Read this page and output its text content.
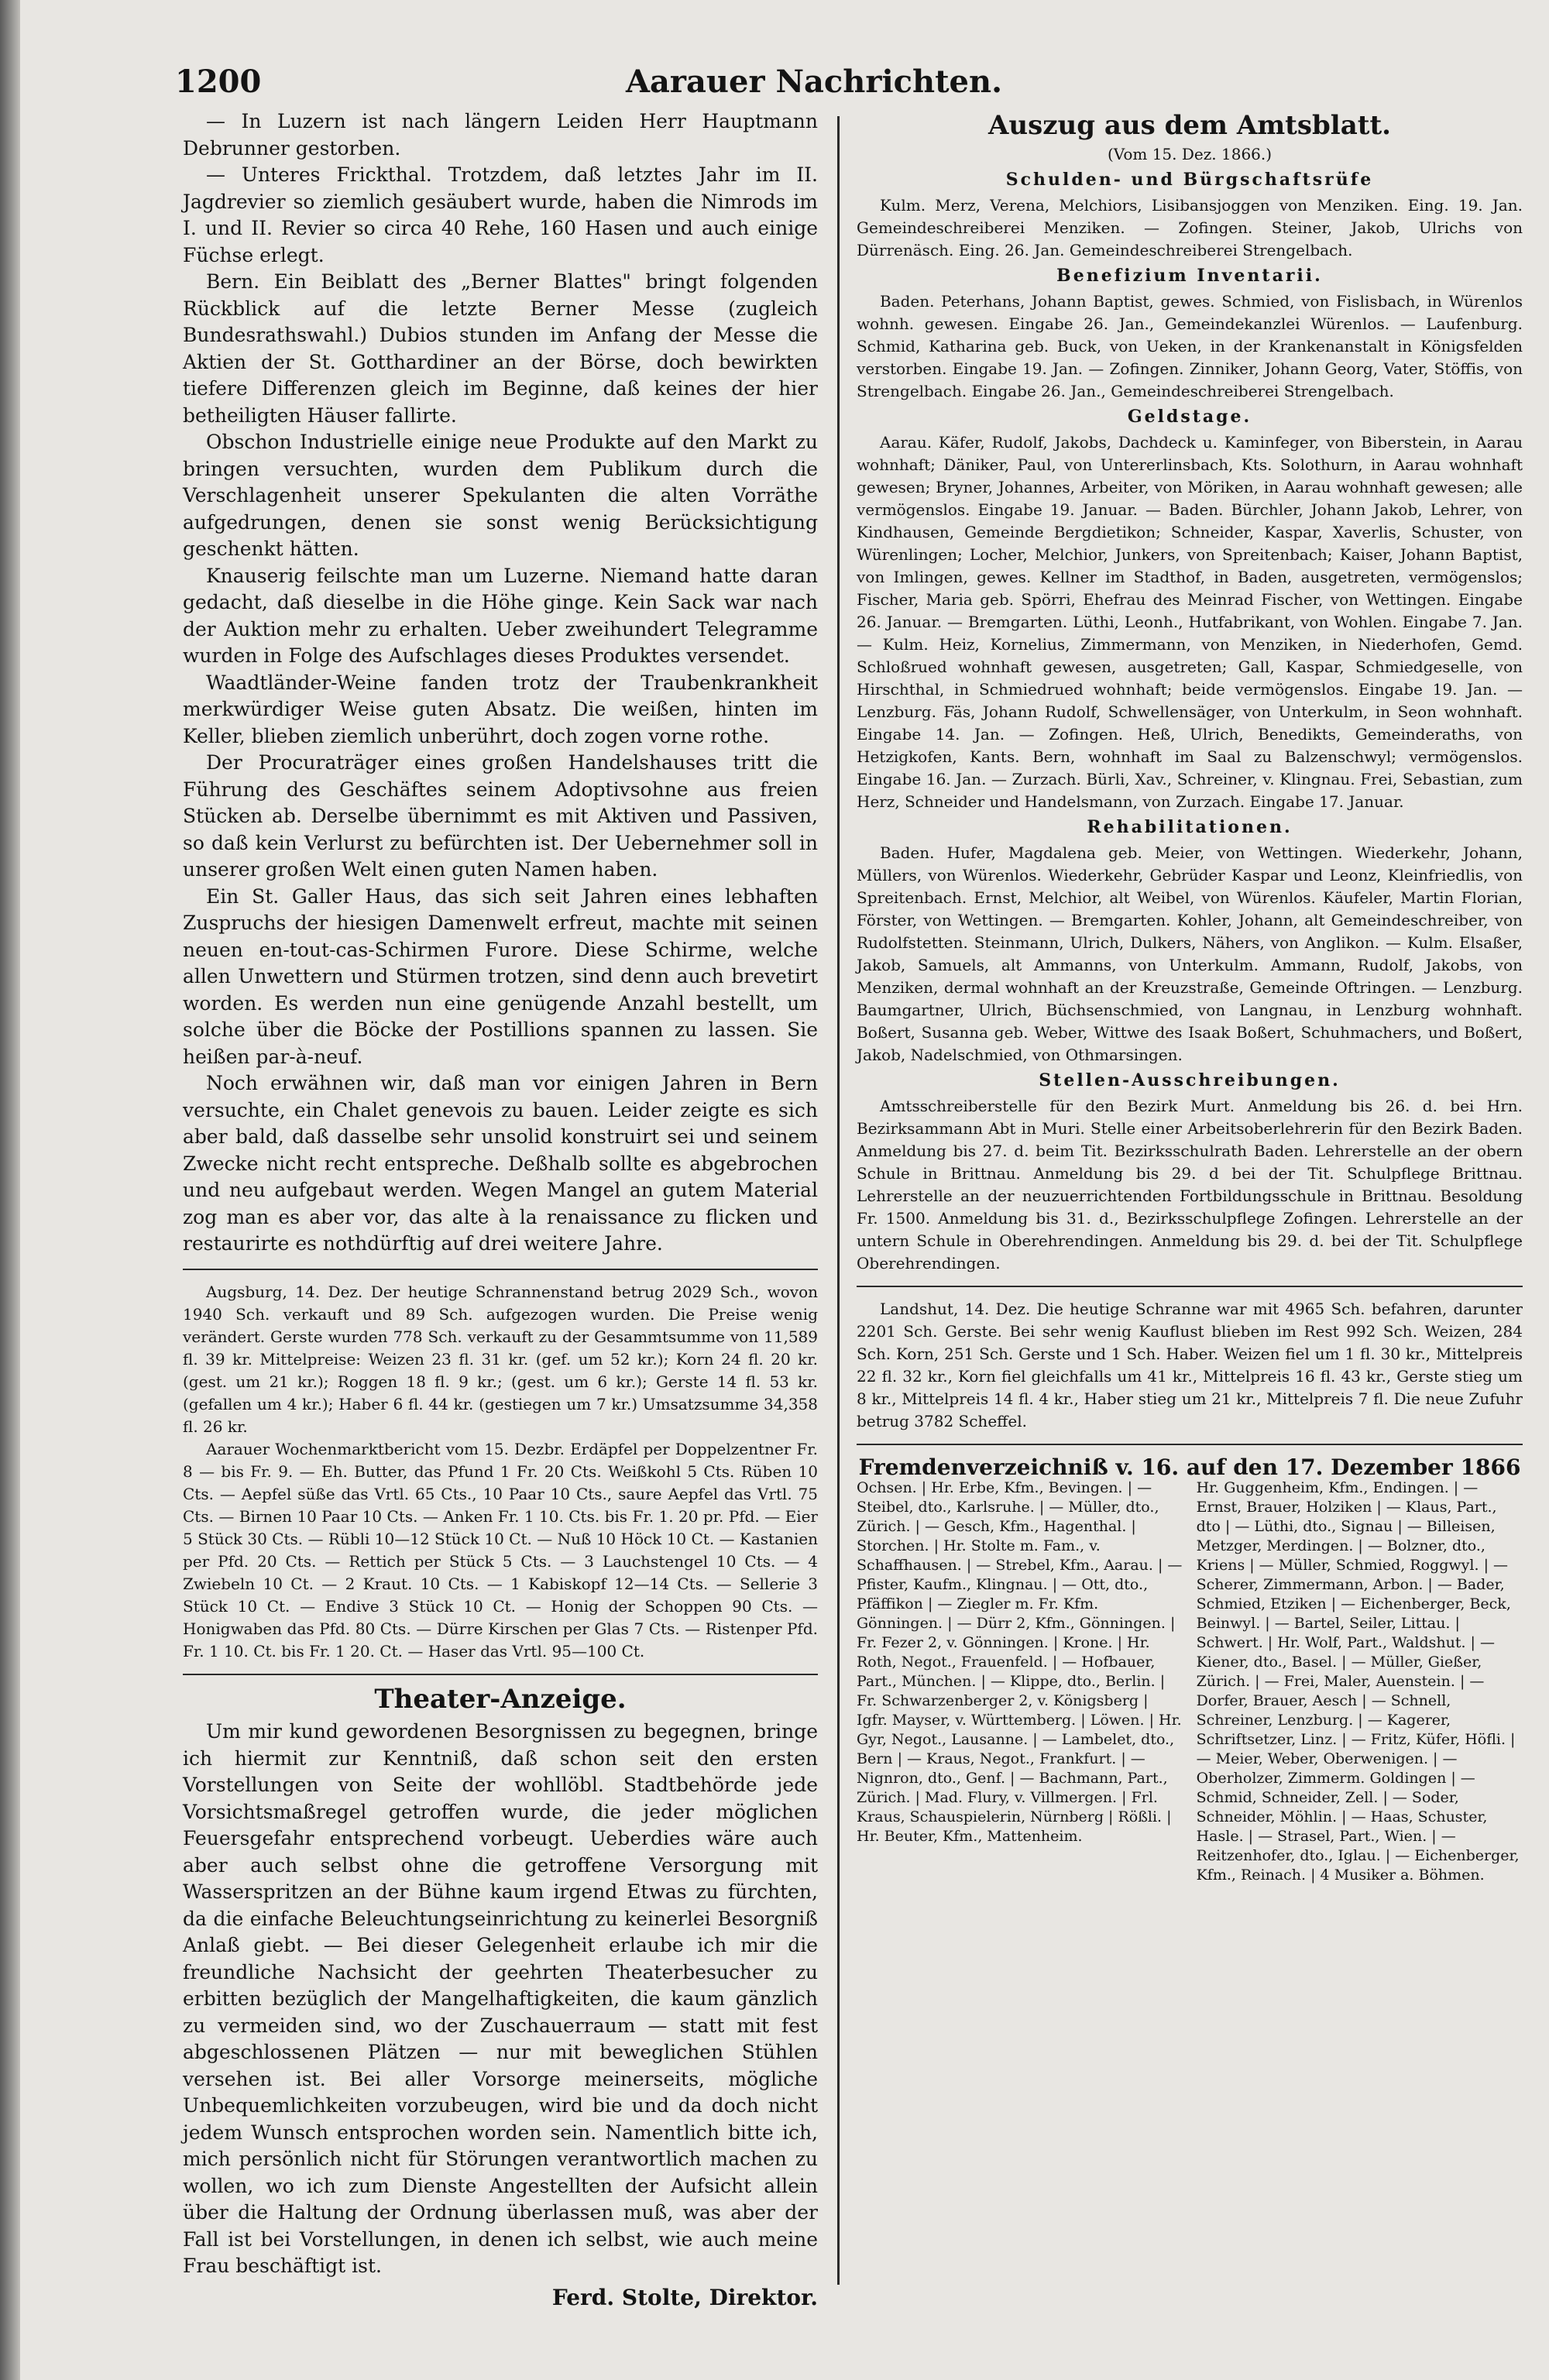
1200	Aarauer Nachrichten.

— In Luzern ist nach längern Leiden Herr Hauptmann Debrunner gestorben.

— Unteres Frickthal. Trotzdem, daß letztes Jahr im II. Jagdrevier so ziemlich gesäubert wurde, haben die Nimrods im I. und II. Revier so circa 40 Rehe, 160 Hasen und auch einige Füchse erlegt.

Bern. Ein Beiblatt des „Berner Blattes" bringt folgenden Rückblick auf die letzte Berner Messe (zugleich Bundesrathswahl.) Dubios stunden im Anfang der Messe die Aktien der St. Gotthardiner an der Börse, doch bewirkten tiefere Differenzen gleich im Beginne, daß keines der hier betheiligten Häuser fallirte.

Obschon Industrielle einige neue Produkte auf den Markt zu bringen versuchten, wurden dem Publikum durch die Verschlagenheit unserer Spekulanten die alten Vorräthe aufgedrungen, denen sie sonst wenig Berücksichtigung geschenkt hätten.

Knauserig feilschte man um Luzerne. Niemand hatte daran gedacht, daß dieselbe in die Höhe ginge. Kein Sack war nach der Auktion mehr zu erhalten. Ueber zweihundert Telegramme wurden in Folge des Aufschlages dieses Produktes versendet.

Waadtländer-Weine fanden trotz der Traubenkrankheit merkwürdiger Weise guten Absatz. Die weißen, hinten im Keller, blieben ziemlich unberührt, doch zogen vorne rothe.

Der Procuraträger eines großen Handelshauses tritt die Führung des Geschäftes seinem Adoptivsohne aus freien Stücken ab. Derselbe übernimmt es mit Aktiven und Passiven, so daß kein Verlurst zu befürchten ist. Der Uebernehmer soll in unserer großen Welt einen guten Namen haben.

Ein St. Galler Haus, das sich seit Jahren eines lebhaften Zuspruchs der hiesigen Damenwelt erfreut, machte mit seinen neuen en-tout-cas-Schirmen Furore. Diese Schirme, welche allen Unwettern und Stürmen trotzen, sind denn auch brevetirt worden. Es werden nun eine genügende Anzahl bestellt, um solche über die Böcke der Postillions spannen zu lassen. Sie heißen par-à-neuf.

Noch erwähnen wir, daß man vor einigen Jahren in Bern versuchte, ein Chalet genevois zu bauen. Leider zeigte es sich aber bald, daß dasselbe sehr unsolid konstruirt sei und seinem Zwecke nicht recht entspreche. Deßhalb sollte es abgebrochen und neu aufgebaut werden. Wegen Mangel an gutem Material zog man es aber vor, das alte à la renaissance zu flicken und restaurirte es nothdürftig auf drei weitere Jahre.

Augsburg, 14. Dez. Der heutige Schrannenstand betrug 2029 Sch., wovon 1940 Sch. verkauft und 89 Sch. aufgezogen wurden. Die Preise wenig verändert. Gerste wurden 778 Sch. verkauft zu der Gesammtsumme von 11,589 fl. 39 kr. Mittelpreise: Weizen 23 fl. 31 kr. (gef. um 52 kr.); Korn 24 fl. 20 kr. (gest. um 21 kr.); Roggen 18 fl. 9 kr.; (gest. um 6 kr.); Gerste 14 fl. 53 kr. (gefallen um 4 kr.); Haber 6 fl. 44 kr. (gestiegen um 7 kr.) Umsatzsumme 34,358 fl. 26 kr.

Aarauer Wochenmarktbericht vom 15. Dezbr. Erdäpfel per Doppelzentner Fr. 8 — bis Fr. 9. — Eh. Butter, das Pfund 1 Fr. 20 Cts. Weißkohl 5 Cts. Rüben 10 Cts. — Aepfel süße das Vrtl. 65 Cts., 10 Paar 10 Cts., saure Aepfel das Vrtl. 75 Cts. — Birnen 10 Paar 10 Cts. — Anken Fr. 1 10. Cts. bis Fr. 1. 20 pr. Pfd. — Eier 5 Stück 30 Cts. — Rübli 10—12 Stück 10 Ct. — Nuß 10 Höck 10 Ct. — Kastanien per Pfd. 20 Cts. — Rettich per Stück 5 Cts. — 3 Lauchstengel 10 Cts. — 4 Zwiebeln 10 Ct. — 2 Kraut. 10 Cts. — 1 Kabiskopf 12—14 Cts. — Sellerie 3 Stück 10 Ct. — Endive 3 Stück 10 Ct. — Honig der Schoppen 90 Cts. — Honigwaben das Pfd. 80 Cts. — Dürre Kirschen per Glas 7 Cts. — Ristenper Pfd. Fr. 1 10. Ct. bis Fr. 1 20. Ct. — Haser das Vrtl. 95—100 Ct.

Theater-Anzeige.

Um mir kund gewordenen Besorgnissen zu begegnen, bringe ich hiermit zur Kenntniß, daß schon seit den ersten Vorstellungen von Seite der wohllöbl. Stadtbehörde jede Vorsichtsmaßregel getroffen wurde, die jeder möglichen Feuersgefahr entsprechend vorbeugt. Ueberdies wäre auch aber auch selbst ohne die getroffene Versorgung mit Wasserspritzen an der Bühne kaum irgend Etwas zu fürchten, da die einfache Beleuchtungseinrichtung zu keinerlei Besorgniß Anlaß giebt. — Bei dieser Gelegenheit erlaube ich mir die freundliche Nachsicht der geehrten Theaterbesucher zu erbitten bezüglich der Mangelhaftigkeiten, die kaum gänzlich zu vermeiden sind, wo der Zuschauerraum — statt mit fest abgeschlossenen Plätzen — nur mit beweglichen Stühlen versehen ist. Bei aller Vorsorge meinerseits, mögliche Unbequemlichkeiten vorzubeugen, wird bie und da doch nicht jedem Wunsch entsprochen worden sein. Namentlich bitte ich, mich persönlich nicht für Störungen verantwortlich machen zu wollen, wo ich zum Dienste Angestellten der Aufsicht allein über die Haltung der Ordnung überlassen muß, was aber der Fall ist bei Vorstellungen, in denen ich selbst, wie auch meine Frau beschäftigt ist.

Ferd. Stolte, Direktor.
Auszug aus dem Amtsblatt.
(Vom 15. Dez. 1866.)
Schulden- und Bürgschaftsrüfe

Kulm. Merz, Verena, Melchiors, Lisibansjoggen von Menziken. Eing. 19. Jan. Gemeindeschreiberei Menziken. — Zofingen. Steiner, Jakob, Ulrichs von Dürrenäsch. Eing. 26. Jan. Gemeindeschreiberei Strengelbach.

Benefizium Inventarii.

Baden. Peterhans, Johann Baptist, gewes. Schmied, von Fislisbach, in Würenlos wohnh. gewesen. Eingabe 26. Jan., Gemeindekanzlei Würenlos. — Laufenburg. Schmid, Katharina geb. Buck, von Ueken, in der Krankenanstalt in Königsfelden verstorben. Eingabe 19. Jan. — Zofingen. Zinniker, Johann Georg, Vater, Stöffis, von Strengelbach. Eingabe 26. Jan., Gemeindeschreiberei Strengelbach.

Geldstage.

Aarau. Käfer, Rudolf, Jakobs, Dachdeck u. Kaminfeger, von Biberstein, in Aarau wohnhaft; Däniker, Paul, von Untererlinsbach, Kts. Solothurn, in Aarau wohnhaft gewesen; Bryner, Johannes, Arbeiter, von Möriken, in Aarau wohnhaft gewesen; alle vermögenslos. Eingabe 19. Januar. — Baden. Bürchler, Johann Jakob, Lehrer, von Kindhausen, Gemeinde Bergdietikon; Schneider, Kaspar, Xaverlis, Schuster, von Würenlingen; Locher, Melchior, Junkers, von Spreitenbach; Kaiser, Johann Baptist, von Imlingen, gewes. Kellner im Stadthof, in Baden, ausgetreten, vermögenslos; Fischer, Maria geb. Spörri, Ehefrau des Meinrad Fischer, von Wettingen. Eingabe 26. Januar. — Bremgarten. Lüthi, Leonh., Hutfabrikant, von Wohlen. Eingabe 7. Jan. — Kulm. Heiz, Kornelius, Zimmermann, von Menziken, in Niederhofen, Gemd. Schloßrued wohnhaft gewesen, ausgetreten; Gall, Kaspar, Schmiedgeselle, von Hirschthal, in Schmiedrued wohnhaft; beide vermögenslos. Eingabe 19. Jan. — Lenzburg. Fäs, Johann Rudolf, Schwellensäger, von Unterkulm, in Seon wohnhaft. Eingabe 14. Jan. — Zofingen. Heß, Ulrich, Benedikts, Gemeinderaths, von Hetzigkofen, Kants. Bern, wohnhaft im Saal zu Balzenschwyl; vermögenslos. Eingabe 16. Jan. — Zurzach. Bürli, Xav., Schreiner, v. Klingnau. Frei, Sebastian, zum Herz, Schneider und Handelsmann, von Zurzach. Eingabe 17. Januar.

Rehabilitationen.

Baden. Hufer, Magdalena geb. Meier, von Wettingen. Wiederkehr, Johann, Müllers, von Würenlos. Wiederkehr, Gebrüder Kaspar und Leonz, Kleinfriedlis, von Spreitenbach. Ernst, Melchior, alt Weibel, von Würenlos. Käufeler, Martin Florian, Förster, von Wettingen. — Bremgarten. Kohler, Johann, alt Gemeindeschreiber, von Rudolfstetten. Steinmann, Ulrich, Dulkers, Nähers, von Anglikon. — Kulm. Elsaßer, Jakob, Samuels, alt Ammanns, von Unterkulm. Ammann, Rudolf, Jakobs, von Menziken, dermal wohnhaft an der Kreuzstraße, Gemeinde Oftringen. — Lenzburg. Baumgartner, Ulrich, Büchsenschmied, von Langnau, in Lenzburg wohnhaft. Boßert, Susanna geb. Weber, Wittwe des Isaak Boßert, Schuhmachers, und Boßert, Jakob, Nadelschmied, von Othmarsingen.

Stellen-Ausschreibungen.

Amtsschreiberstelle für den Bezirk Murt. Anmeldung bis 26. d. bei Hrn. Bezirksammann Abt in Muri. Stelle einer Arbeitsoberlehrerin für den Bezirk Baden. Anmeldung bis 27. d. beim Tit. Bezirksschulrath Baden. Lehrerstelle an der obern Schule in Brittnau. Anmeldung bis 29. d bei der Tit. Schulpflege Brittnau. Lehrerstelle an der neuzuerrichtenden Fortbildungsschule in Brittnau. Besoldung Fr. 1500. Anmeldung bis 31. d., Bezirksschulpflege Zofingen. Lehrerstelle an der untern Schule in Oberehrendingen. Anmeldung bis 29. d. bei der Tit. Schulpflege Oberehrendingen.

Landshut, 14. Dez. Die heutige Schranne war mit 4965 Sch. befahren, darunter 2201 Sch. Gerste. Bei sehr wenig Kauflust blieben im Rest 992 Sch. Weizen, 284 Sch. Korn, 251 Sch. Gerste und 1 Sch. Haber. Weizen fiel um 1 fl. 30 kr., Mittelpreis 22 fl. 32 kr., Korn fiel gleichfalls um 41 kr., Mittelpreis 16 fl. 43 kr., Gerste stieg um 8 kr., Mittelpreis 14 fl. 4 kr., Haber stieg um 21 kr., Mittelpreis 7 fl. Die neue Zufuhr betrug 3782 Scheffel.

Fremdenverzeichniß v. 16. auf den 17. Dezember 1866
Ochsen. | Hr. Erbe, Kfm., Bevingen. | — Steibel, dto., Karlsruhe. | — Müller, dto., Zürich. | — Gesch, Kfm., Hagenthal. | Storchen. | Hr. Stolte m. Fam., v. Schaffhausen. | — Strebel, Kfm., Aarau. | — Pfister, Kaufm., Klingnau. | — Ott, dto., Pfäffikon | — Ziegler m. Fr. Kfm. Gönningen. | — Dürr 2, Kfm., Gönningen. | Fr. Fezer 2, v. Gönningen. | Krone. | Hr. Roth, Negot., Frauenfeld. | — Hofbauer, Part., München. | — Klippe, dto., Berlin. | Fr. Schwarzenberger 2, v. Königsberg | Igfr. Mayser, v. Württemberg. | Löwen. | Hr. Gyr, Negot., Lausanne. | — Lambelet, dto., Bern | — Kraus, Negot., Frankfurt. | — Nignron, dto., Genf. | — Bachmann, Part., Zürich. | Mad. Flury, v. Villmergen. | Frl. Kraus, Schauspielerin, Nürnberg | Rößli. | Hr. Beuter, Kfm., Mattenheim.
Hr. Guggenheim, Kfm., Endingen. | — Ernst, Brauer, Holziken | — Klaus, Part., dto | — Lüthi, dto., Signau | — Billeisen, Metzger, Merdingen. | — Bolzner, dto., Kriens | — Müller, Schmied, Roggwyl. | — Scherer, Zimmermann, Arbon. | — Bader, Schmied, Etziken | — Eichenberger, Beck, Beinwyl. | — Bartel, Seiler, Littau. | Schwert. | Hr. Wolf, Part., Waldshut. | — Kiener, dto., Basel. | — Müller, Gießer, Zürich. | — Frei, Maler, Auenstein. | — Dorfer, Brauer, Aesch | — Schnell, Schreiner, Lenzburg. | — Kagerer, Schriftsetzer, Linz. | — Fritz, Küfer, Höfli. | — Meier, Weber, Oberwenigen. | — Oberholzer, Zimmerm. Goldingen | — Schmid, Schneider, Zell. | — Soder, Schneider, Möhlin. | — Haas, Schuster, Hasle. | — Strasel, Part., Wien. | — Reitzenhofer, dto., Iglau. | — Eichenberger, Kfm., Reinach. | 4 Musiker a. Böhmen.
